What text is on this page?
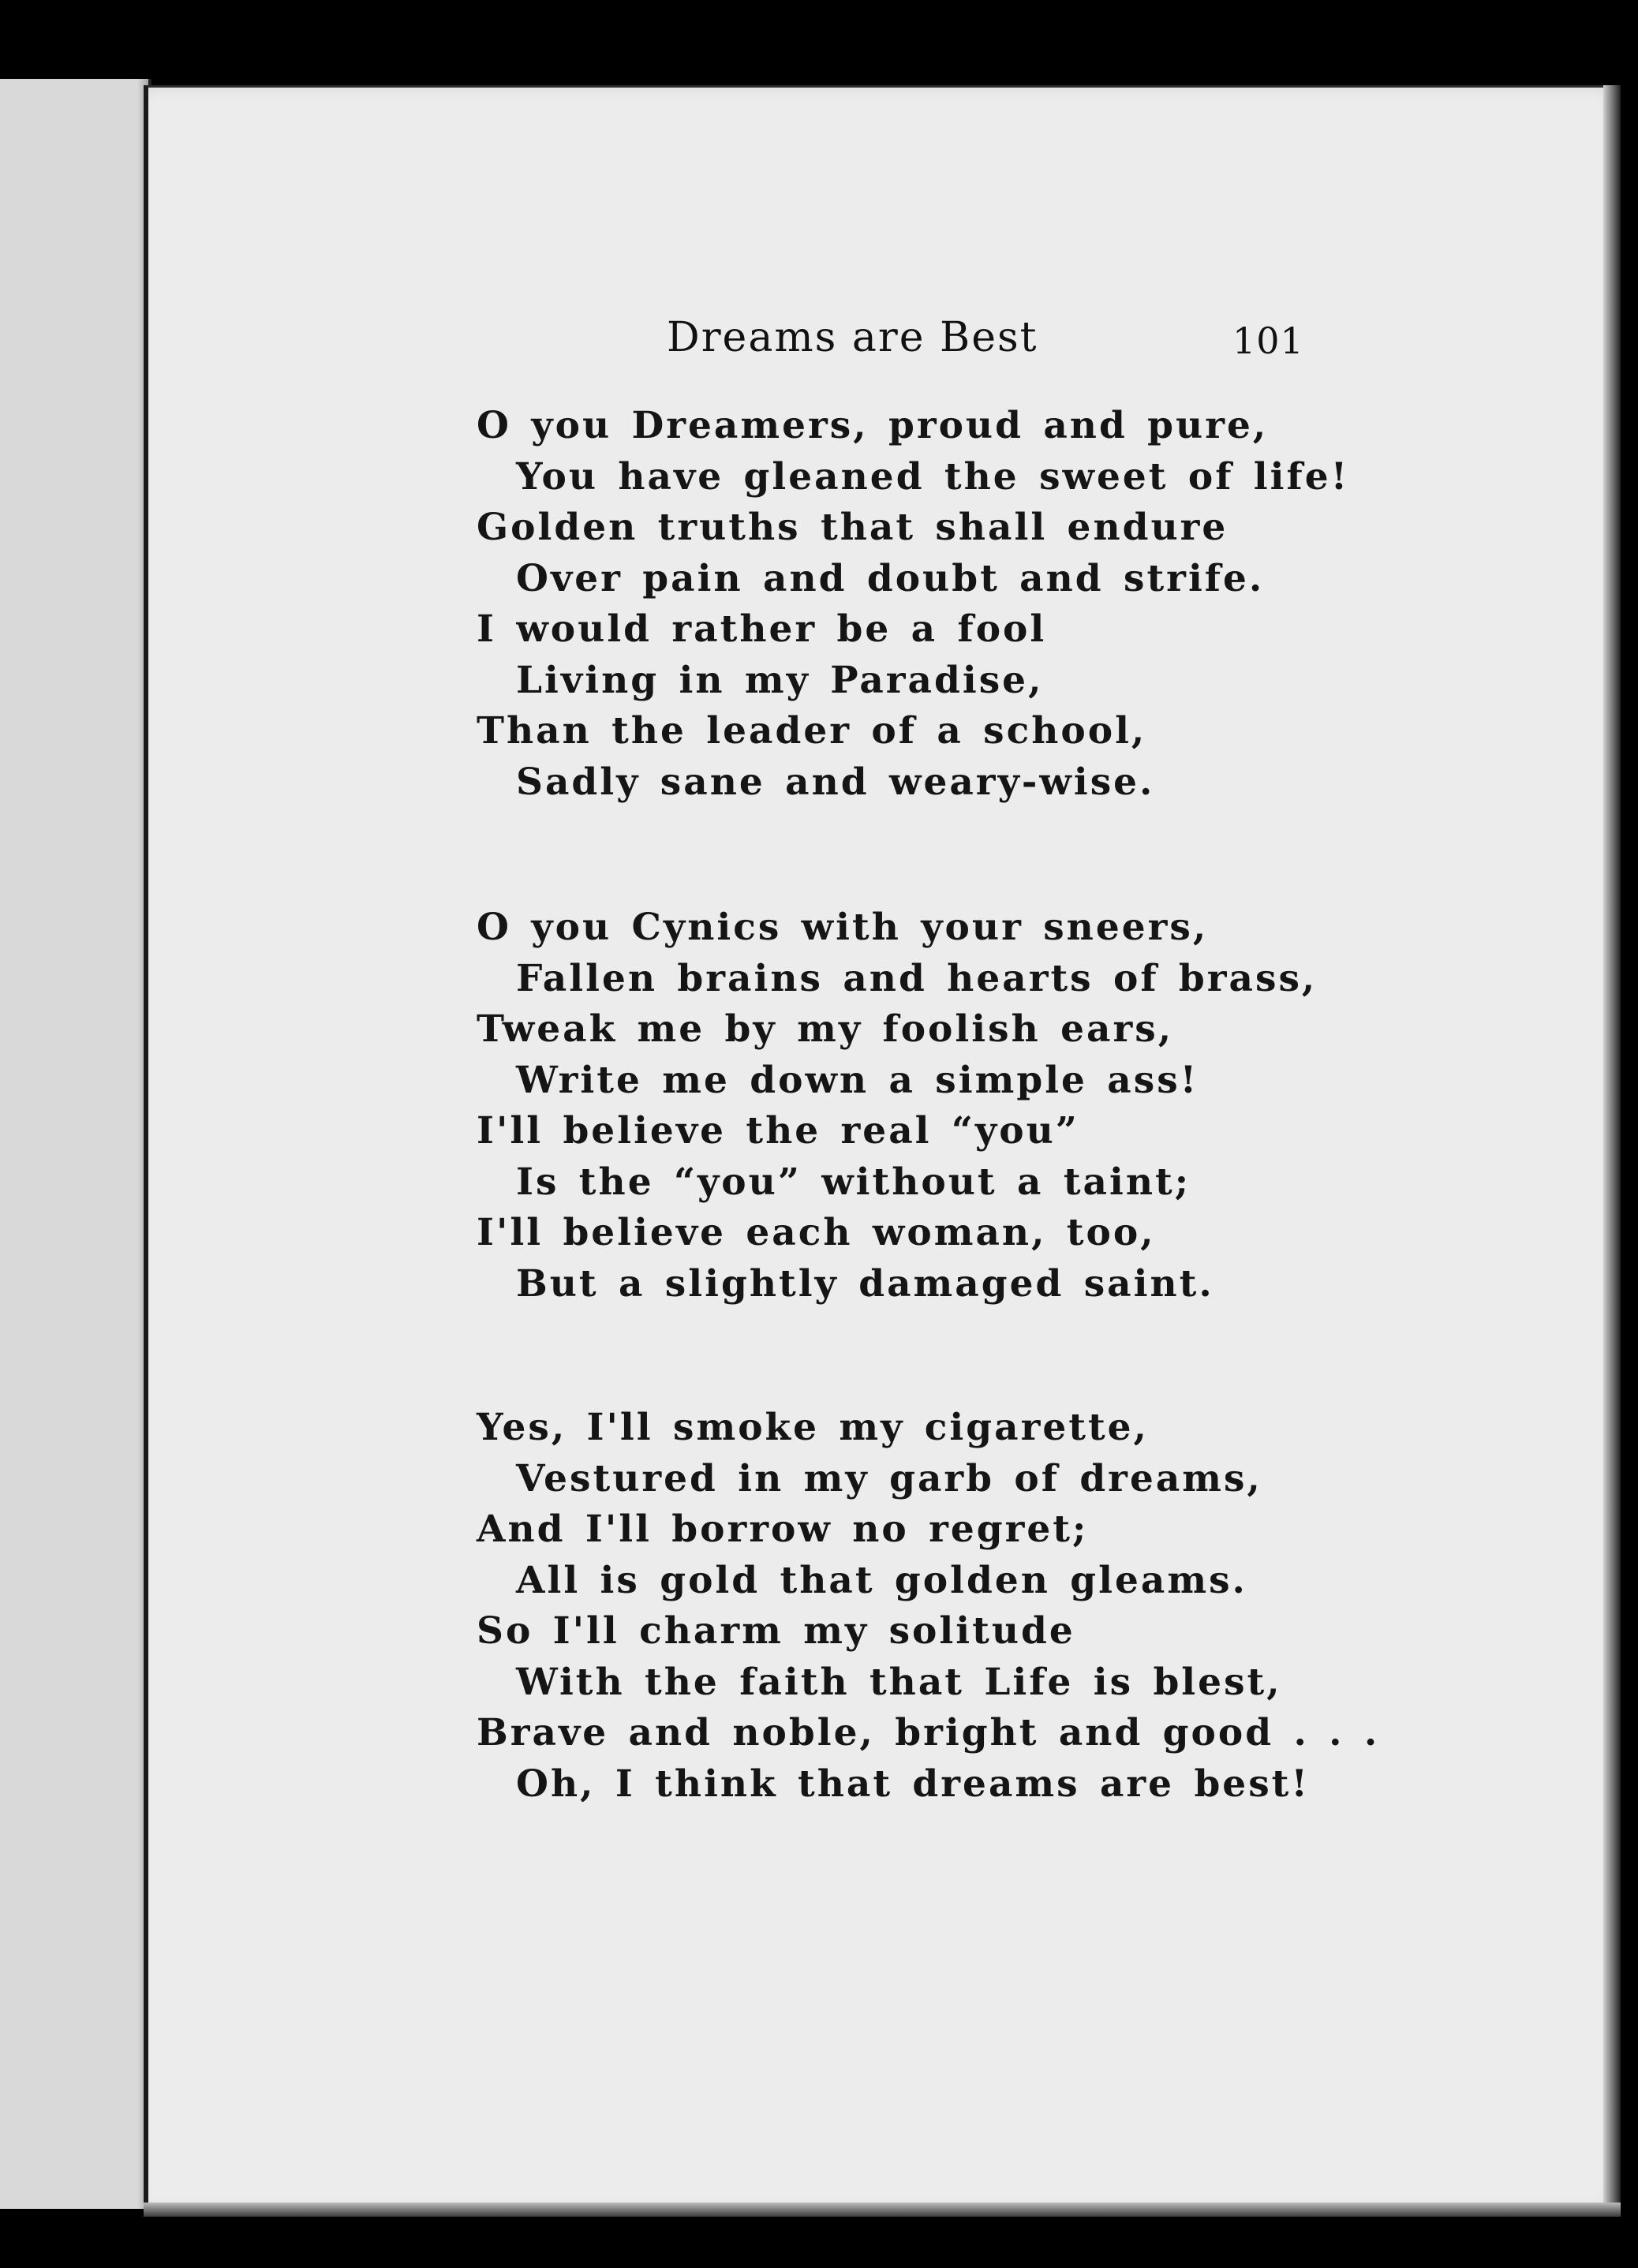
Dreams are Best	101
O you Dreamers, proud and pure,
You have gleaned the sweet of life!
Golden truths that shall endure
Over pain and doubt and strife.
I would rather be a fool
Living in my Paradise,
Than the leader of a school,
Sadly sane and weary-wise.
O you Cynics with your sneers,
Fallen brains and hearts of brass,
Tweak me by my foolish ears,
Write me down a simple ass!
I'll believe the real “you”
Is the “you” without a taint;
I'll believe each woman, too,
But a slightly damaged saint.
Yes, I'll smoke my cigarette,
Vestured in my garb of dreams,
And I'll borrow no regret;
All is gold that golden gleams.
So I'll charm my solitude
With the faith that Life is blest,
Brave and noble, bright and good . . .
Oh, I think that dreams are best!
